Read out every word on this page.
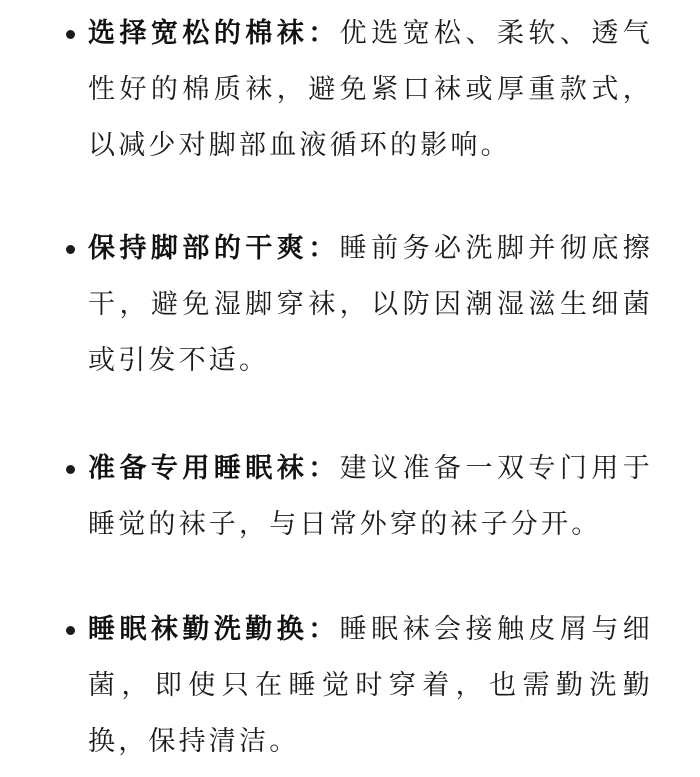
选择宽松的棉袜：优选宽松、柔软、透气性好的棉质袜，避免紧口袜或厚重款式，以减少对脚部血液循环的影响。

保持脚部的干爽：睡前务必洗脚并彻底擦干，避免湿脚穿袜，以防因潮湿滋生细菌或引发不适。

准备专用睡眠袜：建议准备一双专门用于睡觉的袜子，与日常外穿的袜子分开。

睡眠袜勤洗勤换：睡眠袜会接触皮屑与细菌，即使只在睡觉时穿着，也需勤洗勤换，保持清洁。
